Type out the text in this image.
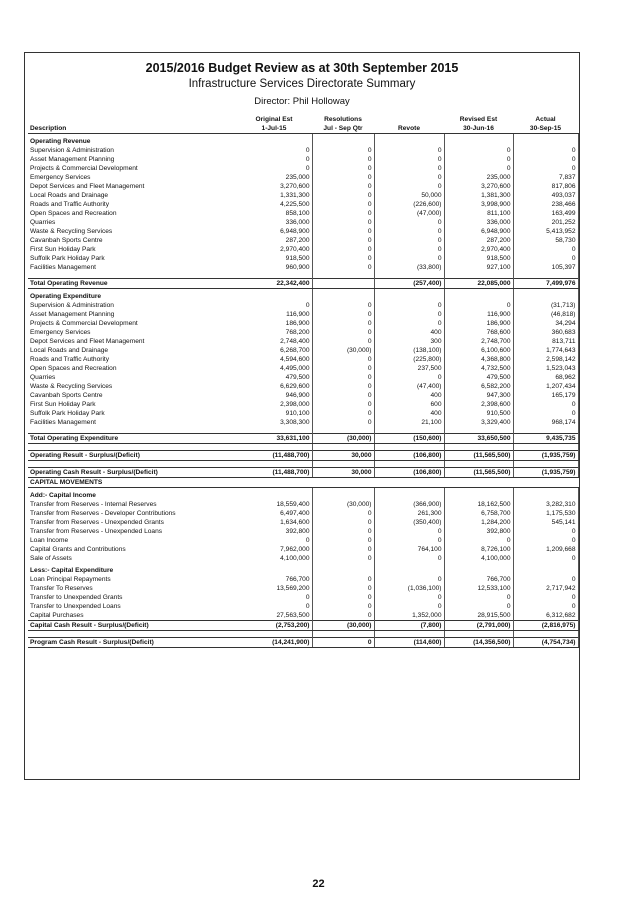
2015/2016 Budget Review as at 30th September 2015
Infrastructure Services Directorate Summary
Director: Phil Holloway
Description	Original Est	Resolutions		Revised Est	Actual
	1-Jul-15	Jul - Sep Qtr	Revote	30-Jun-16	30-Sep-15
Operating Revenue					
Supervision & Administration	0	0	0	0	0
Asset Management Planning	0	0	0	0	0
Projects & Commercial Development	0	0	0	0	0
Emergency Services	235,000	0	0	235,000	7,837
Depot Services and Fleet Management	3,270,600	0	0	3,270,600	817,806
Local Roads and Drainage	1,331,300	0	50,000	1,381,300	493,037
Roads and Traffic Authority	4,225,500	0	(226,600)	3,998,900	238,466
Open Spaces and Recreation	858,100	0	(47,000)	811,100	163,499
Quarries	336,000	0	0	336,000	201,252
Waste & Recycling Services	6,948,900	0	0	6,948,900	5,413,952
Cavanbah Sports Centre	287,200	0	0	287,200	58,730
First Sun Holiday Park	2,970,400	0	0	2,970,400	0
Suffolk Park Holiday Park	918,500	0	0	918,500	0
Facilities Management	960,900	0	(33,800)	927,100	105,397

Total Operating Revenue	22,342,400		(257,400)	22,085,000	7,499,976
Operating Expenditure					
Supervision & Administration	0	0	0	0	(31,713)
Asset Management Planning	116,900	0	0	116,900	(46,818)
Projects & Commercial Development	186,900	0	0	186,900	34,294
Emergency Services	768,200	0	400	768,600	360,683
Depot Services and Fleet Management	2,748,400	0	300	2,748,700	813,711
Local Roads and Drainage	6,268,700	(30,000)	(138,100)	6,100,600	1,774,643
Roads and Traffic Authority	4,594,600	0	(225,800)	4,368,800	2,598,142
Open Spaces and Recreation	4,495,000	0	237,500	4,732,500	1,523,043
Quarries	479,500	0	0	479,500	68,962
Waste & Recycling Services	6,629,600	0	(47,400)	6,582,200	1,207,434
Cavanbah Sports Centre	946,900	0	400	947,300	165,179
First Sun Holiday Park	2,398,000	0	600	2,398,600	0
Suffolk Park Holiday Park	910,100	0	400	910,500	0
Facilities Management	3,308,300	0	21,100	3,329,400	968,174

Total Operating Expenditure	33,631,100	(30,000)	(150,600)	33,650,500	9,435,735

Operating Result - Surplus/(Deficit)	(11,488,700)	30,000	(106,800)	(11,565,500)	(1,935,759)

Operating Cash Result - Surplus/(Deficit)	(11,488,700)	30,000	(106,800)	(11,565,500)	(1,935,759)
CAPITAL MOVEMENTS					
Add:- Capital Income					
Transfer from Reserves - Internal Reserves	18,559,400	(30,000)	(366,900)	18,162,500	3,282,310
Transfer from Reserves - Developer Contributions	6,497,400	0	261,300	6,758,700	1,175,530
Transfer from Reserves - Unexpended Grants	1,634,600	0	(350,400)	1,284,200	545,141
Transfer from Reserves - Unexpended Loans	392,800	0	0	392,800	0
Loan Income	0	0	0	0	0
Capital Grants and Contributions	7,962,000	0	764,100	8,726,100	1,209,668
Sale of Assets	4,100,000	0	0	4,100,000	0
Less:- Capital Expenditure					
Loan Principal Repayments	766,700	0	0	766,700	0
Transfer To Reserves	13,569,200	0	(1,036,100)	12,533,100	2,717,942
Transfer to Unexpended Grants	0	0	0	0	0
Transfer to Unexpended Loans	0	0	0	0	0
Capital Purchases	27,563,500	0	1,352,000	28,915,500	6,312,682
Capital Cash Result - Surplus/(Deficit)	(2,753,200)	(30,000)	(7,800)	(2,791,000)	(2,816,975)

Program Cash Result - Surplus/(Deficit)	(14,241,900)	0	(114,600)	(14,356,500)	(4,754,734)
22
